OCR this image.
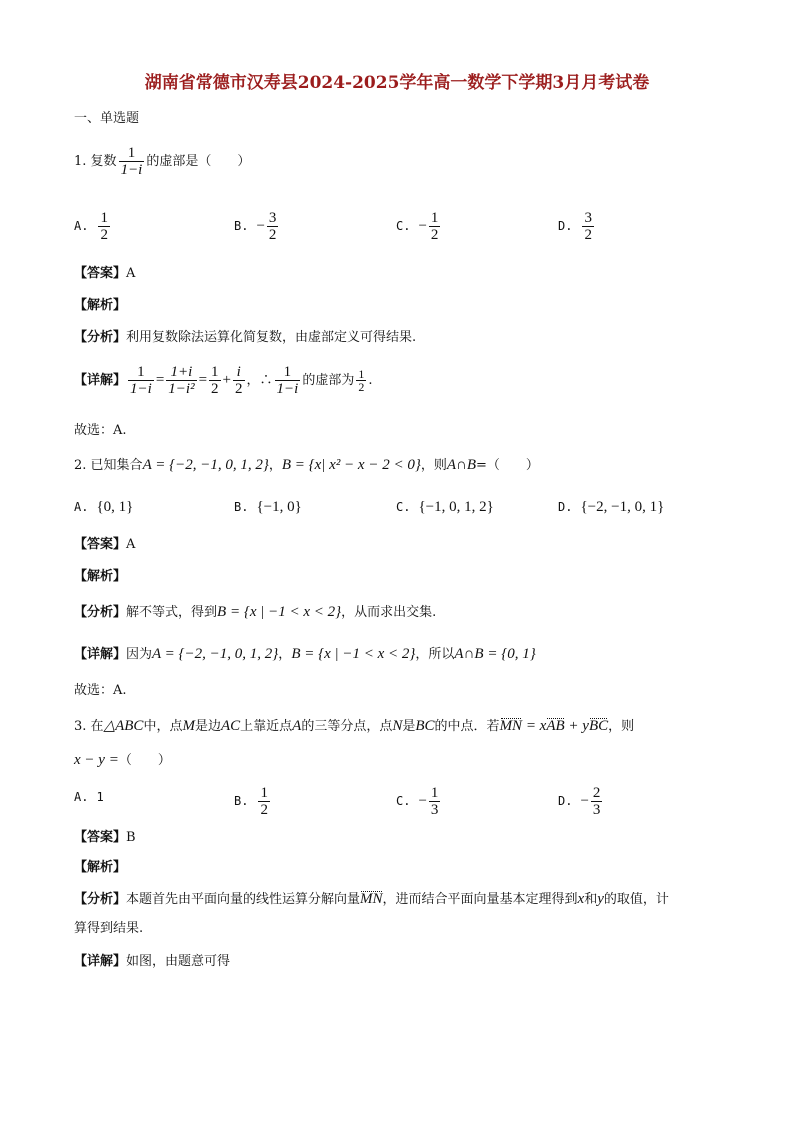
湖南省常德市汉寿县2024-2025学年高一数学下学期3月月考试卷
一、单选题
1. 复数 $\frac{1}{1-i}$ 的虚部是（　　）
A. $\frac{1}{2}$	B. − $\frac{3}{2}$	C. − $\frac{1}{2}$	D. $\frac{3}{2}$
【答案】A
【解析】
【分析】利用复数除法运算化简复数，由虚部定义可得结果.
【详解】 $\frac{1}{1-i} = \frac{1+i}{\text{1−i²}} = \frac{1}{2} + \frac{i}{2}$ ，∴ $\frac{1}{1-i}$ 的虚部为 $\frac{1}{2}$ .
故选：A.
2. 已知集合A = {−2, −1, 0, 1, 2}，B = {x| x² − x − 2 < 0}，则A∩B=（　　）
A. {0, 1}	B. {−1, 0}	C. {−1, 0, 1, 2}	D. {−2, −1, 0, 1}
【答案】A
【解析】
【分析】解不等式，得到B = {x | −1 < x < 2}，从而求出交集.
【详解】因为A = {−2, −1, 0, 1, 2}，B = {x | −1 < x < 2}，所以A∩B = {0, 1}
故选：A.
3. 在△ABC中，点M是边AC上靠近点A的三等分点，点N是BC的中点．若MN = xAB + yBC，则
x − y =（　　）
A. 1	B. $\frac{1}{2}$	C. − $\frac{1}{3}$	D. − $\frac{2}{3}$
【答案】B
【解析】
【分析】本题首先由平面向量的线性运算分解向量MN，进而结合平面向量基本定理得到x和y的取值，计
算得到结果.
【详解】如图，由题意可得
